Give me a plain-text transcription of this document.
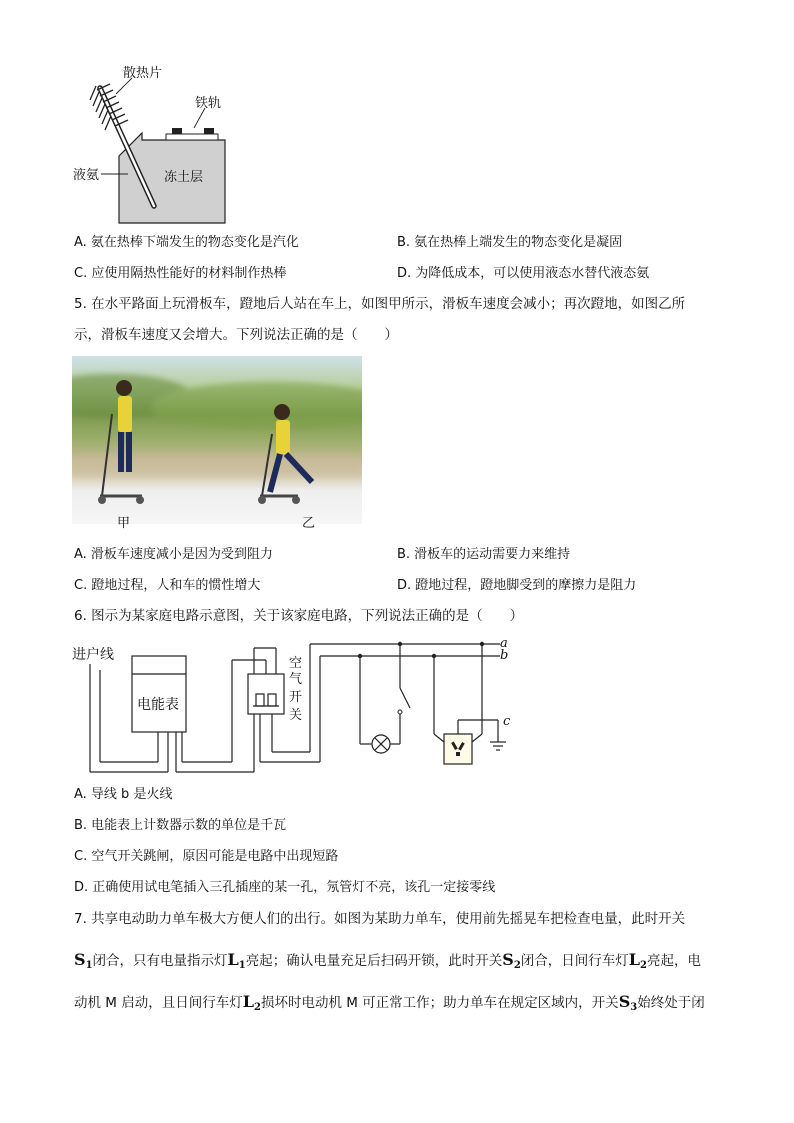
散热片
铁轨
液氨	冻土层
A. 氨在热棒下端发生的物态变化是汽化	B. 氨在热棒上端发生的物态变化是凝固
C. 应使用隔热性能好的材料制作热棒	D. 为降低成本，可以使用液态水替代液态氨
5. 在水平路面上玩滑板车，蹬地后人站在车上，如图甲所示，滑板车速度会减小；再次蹬地，如图乙所
示，滑板车速度又会增大。下列说法正确的是（　　）
甲	乙
A. 滑板车速度减小是因为受到阻力	B. 滑板车的运动需要力来维持
C. 蹬地过程，人和车的惯性增大	D. 蹬地过程，蹬地脚受到的摩擦力是阻力
6. 图示为某家庭电路示意图，关于该家庭电路，下列说法正确的是（　　）
进户线
电能表
空
气
开
关
a
b
c
A. 导线 b 是火线
B. 电能表上计数器示数的单位是千瓦
C. 空气开关跳闸，原因可能是电路中出现短路
D. 正确使用试电笔插入三孔插座的某一孔，氖管灯不亮，该孔一定接零线
7. 共享电动助力单车极大方便人们的出行。如图为某助力单车，使用前先摇晃车把检查电量，此时开关
$S_1$闭合，只有电量指示灯$L_1$亮起；确认电量充足后扫码开锁，此时开关$S_2$闭合，日间行车灯$L_2$亮起，电
动机 M 启动，且日间行车灯$L_2$损坏时电动机 M 可正常工作；助力单车在规定区域内，开关$S_3$始终处于闭
